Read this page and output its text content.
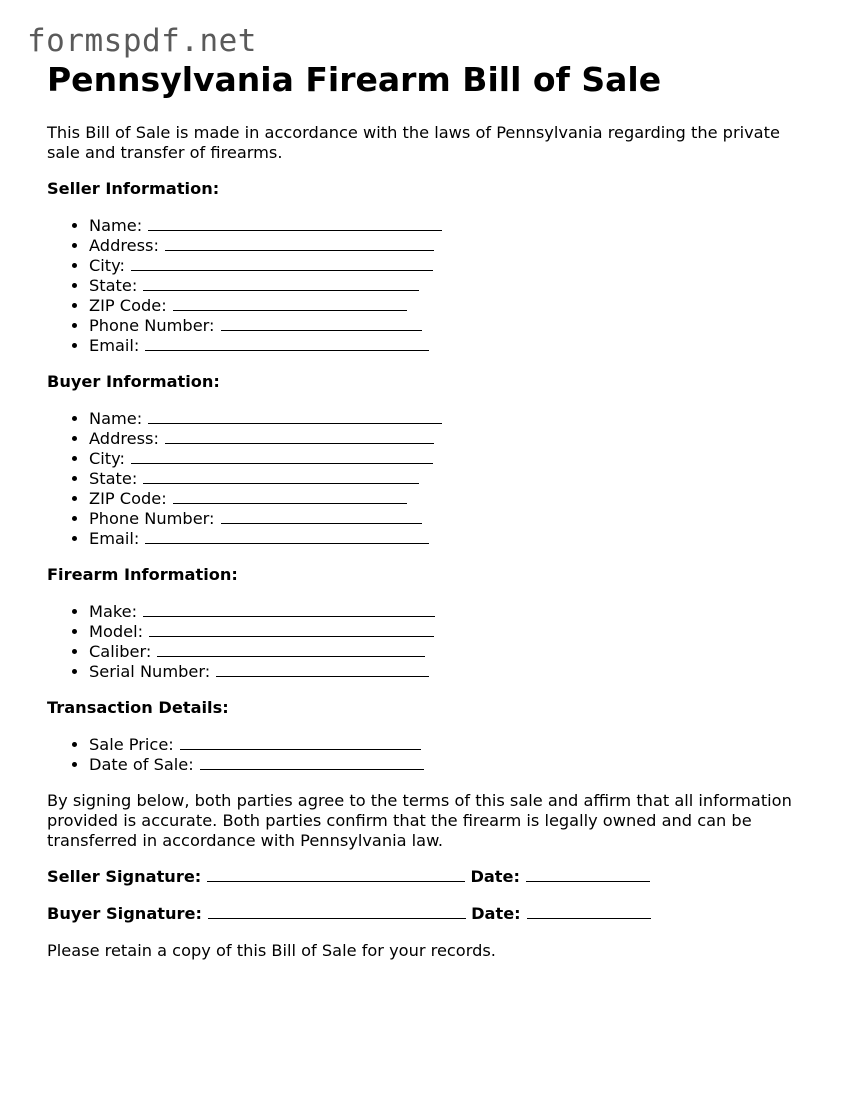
formspdf.net
Pennsylvania Firearm Bill of Sale

This Bill of Sale is made in accordance with the laws of Pennsylvania regarding the private sale and transfer of firearms.

Seller Information:

• Name:
• Address:
• City:
• State:
• ZIP Code:
• Phone Number:
• Email:

Buyer Information:

• Name:
• Address:
• City:
• State:
• ZIP Code:
• Phone Number:
• Email:

Firearm Information:

• Make:
• Model:
• Caliber:
• Serial Number:

Transaction Details:

• Sale Price:
• Date of Sale:

By signing below, both parties agree to the terms of this sale and affirm that all information provided is accurate. Both parties confirm that the firearm is legally owned and can be transferred in accordance with Pennsylvania law.

Seller Signature:	Date:

Buyer Signature:	Date:

Please retain a copy of this Bill of Sale for your records.
